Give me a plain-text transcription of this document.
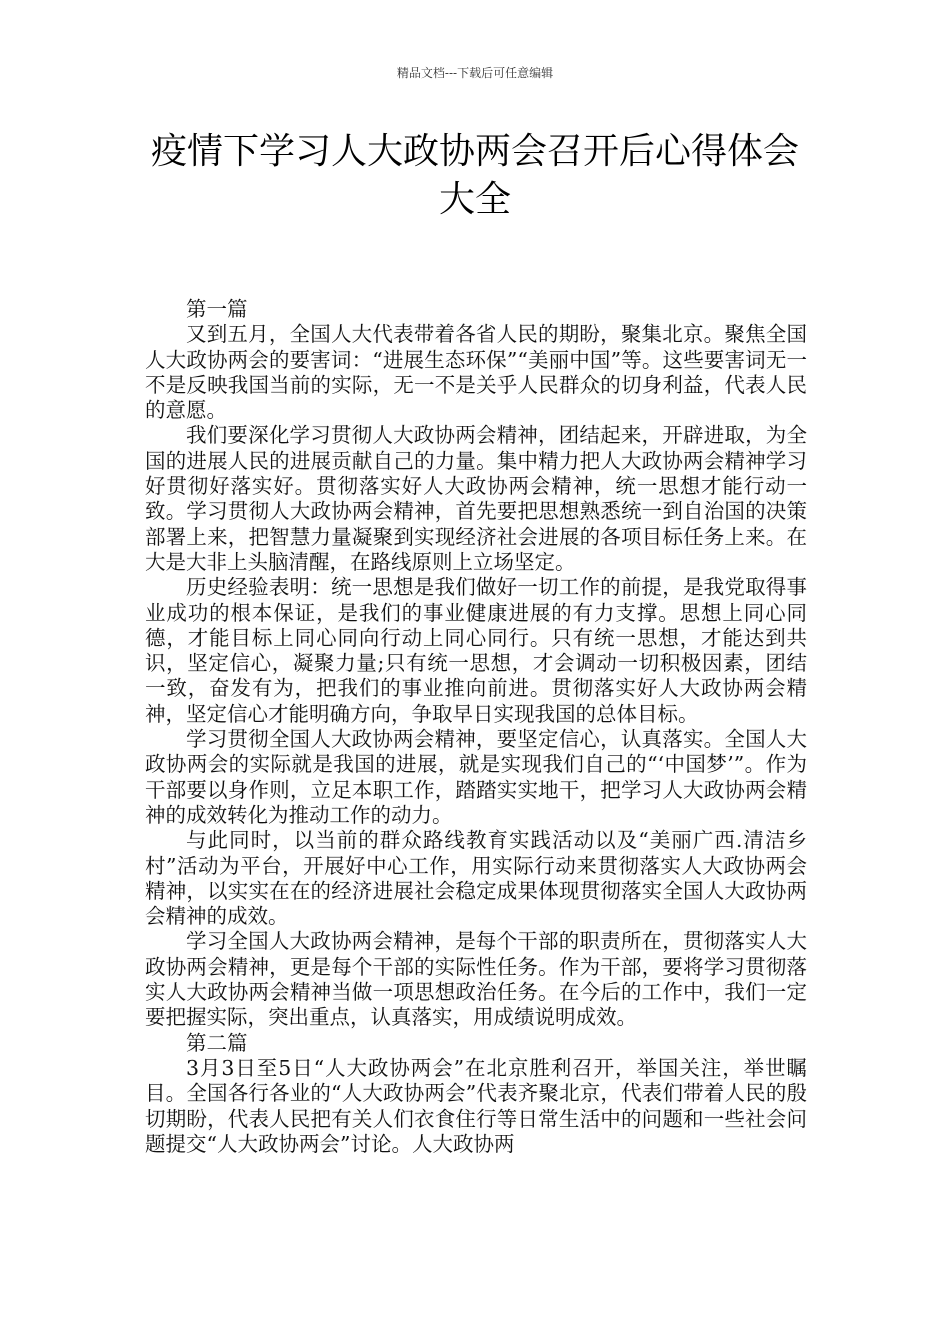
精品文档---下载后可任意编辑
疫情下学习人大政协两会召开后心得体会大全
第一篇

又到五月，全国人大代表带着各省人民的期盼，聚集北京。聚焦全国人大政协两会的要害词：“进展生态环保”“美丽中国”等。这些要害词无一不是反映我国当前的实际，无一不是关乎人民群众的切身利益，代表人民的意愿。

我们要深化学习贯彻人大政协两会精神，团结起来，开辟进取，为全国的进展人民的进展贡献自己的力量。集中精力把人大政协两会精神学习好贯彻好落实好。贯彻落实好人大政协两会精神，统一思想才能行动一致。学习贯彻人大政协两会精神，首先要把思想熟悉统一到自治国的决策部署上来，把智慧力量凝聚到实现经济社会进展的各项目标任务上来。在大是大非上头脑清醒，在路线原则上立场坚定。

历史经验表明：统一思想是我们做好一切工作的前提，是我党取得事业成功的根本保证，是我们的事业健康进展的有力支撑。思想上同心同德，才能目标上同心同向行动上同心同行。只有统一思想，才能达到共识，坚定信心，凝聚力量;只有统一思想，才会调动一切积极因素，团结一致，奋发有为，把我们的事业推向前进。贯彻落实好人大政协两会精神，坚定信心才能明确方向，争取早日实现我国的总体目标。

学习贯彻全国人大政协两会精神，要坚定信心，认真落实。全国人大政协两会的实际就是我国的进展，就是实现我们自己的“‘中国梦’”。作为干部要以身作则，立足本职工作，踏踏实实地干，把学习人大政协两会精神的成效转化为推动工作的动力。

与此同时，以当前的群众路线教育实践活动以及“美丽广西.清洁乡村”活动为平台，开展好中心工作，用实际行动来贯彻落实人大政协两会精神，以实实在在的经济进展社会稳定成果体现贯彻落实全国人大政协两会精神的成效。

学习全国人大政协两会精神，是每个干部的职责所在，贯彻落实人大政协两会精神，更是每个干部的实际性任务。作为干部，要将学习贯彻落实人大政协两会精神当做一项思想政治任务。在今后的工作中，我们一定要把握实际，突出重点，认真落实，用成绩说明成效。

第二篇

3月3日至5日“人大政协两会”在北京胜利召开，举国关注，举世瞩目。全国各行各业的“人大政协两会”代表齐聚北京，代表们带着人民的殷切期盼，代表人民把有关人们衣食住行等日常生活中的问题和一些社会问题提交“人大政协两会”讨论。人大政协两
